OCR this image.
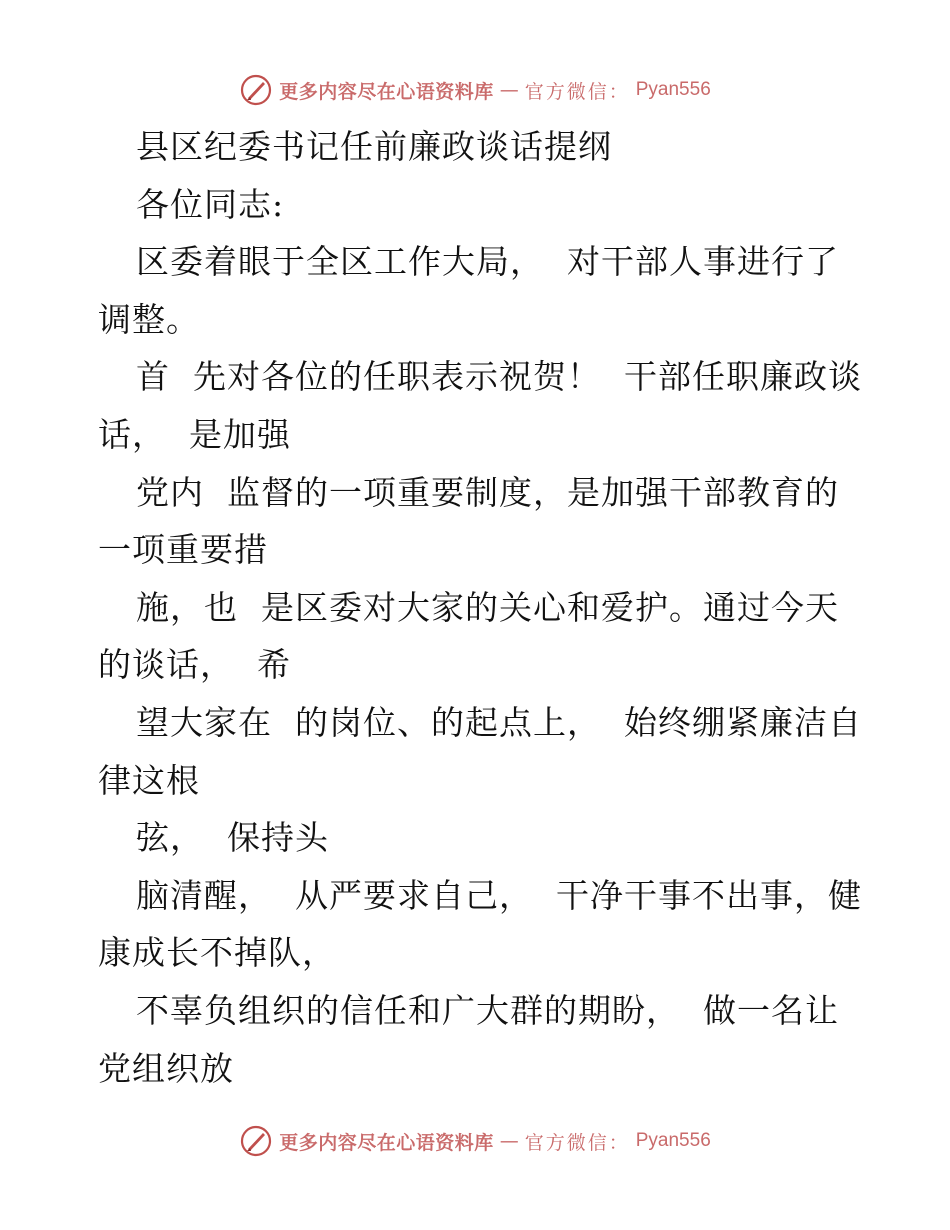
更多内容尽在心语资料库 — 官方微信： Pyan556
县区纪委书记任前廉政谈话提纲
各位同志:
区委着眼于全区工作大局，  对干部人事进行了
调整。
首  先对各位的任职表示祝贺！  干部任职廉政谈
话，  是加强
党内  监督的一项重要制度，是加强干部教育的
一项重要措
施，也  是区委对大家的关心和爱护。通过今天
的谈话，  希
望大家在  的岗位、的起点上，  始终绷紧廉洁自
律这根
弦，  保持头
脑清醒，  从严要求自己，  干净干事不出事，健
康成长不掉队，
不辜负组织的信任和广大群的期盼，  做一名让
党组织放
更多内容尽在心语资料库 — 官方微信： Pyan556
